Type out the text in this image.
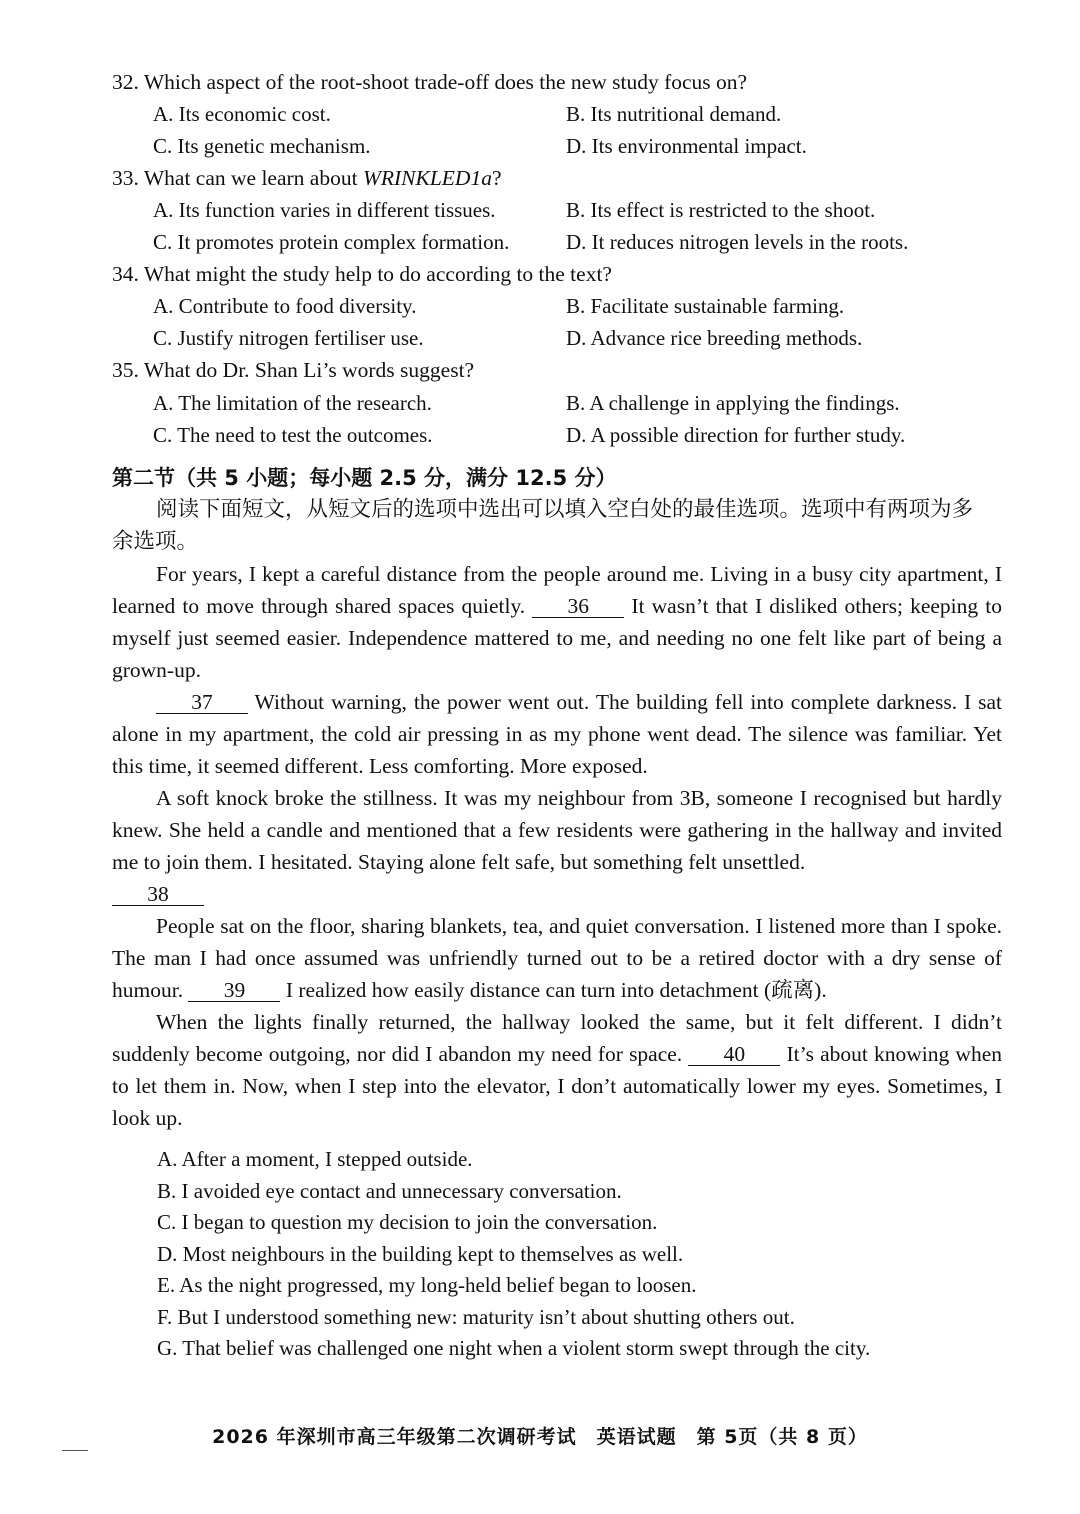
32. Which aspect of the root-shoot trade-off does the new study focus on?
A. Its economic cost.	B. Its nutritional demand.
C. Its genetic mechanism.	D. Its environmental impact.
33. What can we learn about WRINKLED1a?
A. Its function varies in different tissues.	B. Its effect is restricted to the shoot.
C. It promotes protein complex formation.	D. It reduces nitrogen levels in the roots.
34. What might the study help to do according to the text?
A. Contribute to food diversity.	B. Facilitate sustainable farming.
C. Justify nitrogen fertiliser use.	D. Advance rice breeding methods.
35. What do Dr. Shan Li’s words suggest?
A. The limitation of the research.	B. A challenge in applying the findings.
C. The need to test the outcomes.	D. A possible direction for further study.
第二节（共 5 小题；每小题 2.5 分，满分 12.5 分）
阅读下面短文，从短文后的选项中选出可以填入空白处的最佳选项。选项中有两项为多余选项。
For years, I kept a careful distance from the people around me. Living in a busy city apartment, I learned to move through shared spaces quietly. 36 It wasn’t that I disliked others; keeping to myself just seemed easier. Independence mattered to me, and needing no one felt like part of being a grown-up.
37 Without warning, the power went out. The building fell into complete darkness. I sat alone in my apartment, the cold air pressing in as my phone went dead. The silence was familiar. Yet this time, it seemed different. Less comforting. More exposed.
A soft knock broke the stillness. It was my neighbour from 3B, someone I recognised but hardly knew. She held a candle and mentioned that a few residents were gathering in the hallway and invited me to join them. I hesitated. Staying alone felt safe, but something felt unsettled.
38
People sat on the floor, sharing blankets, tea, and quiet conversation. I listened more than I spoke. The man I had once assumed was unfriendly turned out to be a retired doctor with a dry sense of humour. 39 I realized how easily distance can turn into detachment (疏离).
When the lights finally returned, the hallway looked the same, but it felt different. I didn’t suddenly become outgoing, nor did I abandon my need for space. 40 It’s about knowing when to let them in. Now, when I step into the elevator, I don’t automatically lower my eyes. Sometimes, I look up.
A. After a moment, I stepped outside.
B. I avoided eye contact and unnecessary conversation.
C. I began to question my decision to join the conversation.
D. Most neighbours in the building kept to themselves as well.
E. As the night progressed, my long-held belief began to loosen.
F. But I understood something new: maturity isn’t about shutting others out.
G. That belief was challenged one night when a violent storm swept through the city.
2026 年深圳市高三年级第二次调研考试　英语试题　第 5页（共 8 页）
